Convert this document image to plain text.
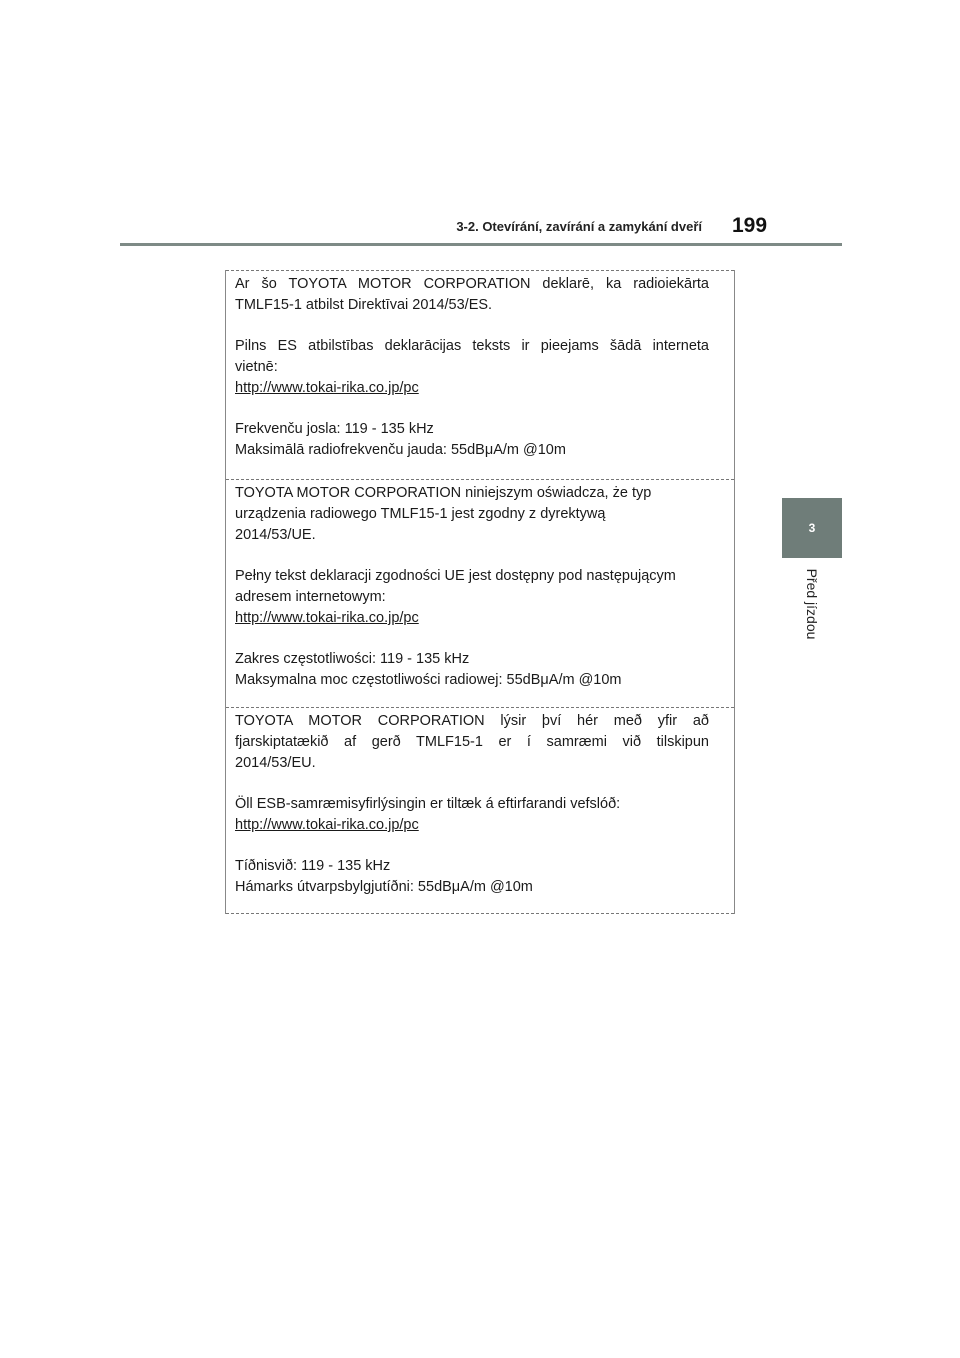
3-2. Otevírání, zavírání a zamykání dveří 199
3
Před jízdou
Ar šo TOYOTA MOTOR CORPORATION deklarē, ka radioiekārta
TMLF15-1 atbilst Direktīvai 2014/53/ES.
Pilns ES atbilstības deklarācijas teksts ir pieejams šādā interneta
vietnē:
http://www.tokai-rika.co.jp/pc
Frekvenču josla: 119 - 135 kHz
Maksimālā radiofrekvenču jauda: 55dBμA/m @10m
TOYOTA MOTOR CORPORATION niniejszym oświadcza, że typ
urządzenia radiowego TMLF15-1 jest zgodny z dyrektywą
2014/53/UE.
Pełny tekst deklaracji zgodności UE jest dostępny pod następującym
adresem internetowym:
http://www.tokai-rika.co.jp/pc
Zakres częstotliwości: 119 - 135 kHz
Maksymalna moc częstotliwości radiowej: 55dBμA/m @10m
TOYOTA MOTOR CORPORATION lýsir því hér með yfir að
fjarskiptatækið af gerð TMLF15-1 er í samræmi við tilskipun
2014/53/EU.
Öll ESB-samræmisyfirlýsingin er tiltæk á eftirfarandi vefslóð:
http://www.tokai-rika.co.jp/pc
Tíðnisvið: 119 - 135 kHz
Hámarks útvarpsbylgjutíðni: 55dBμA/m @10m
